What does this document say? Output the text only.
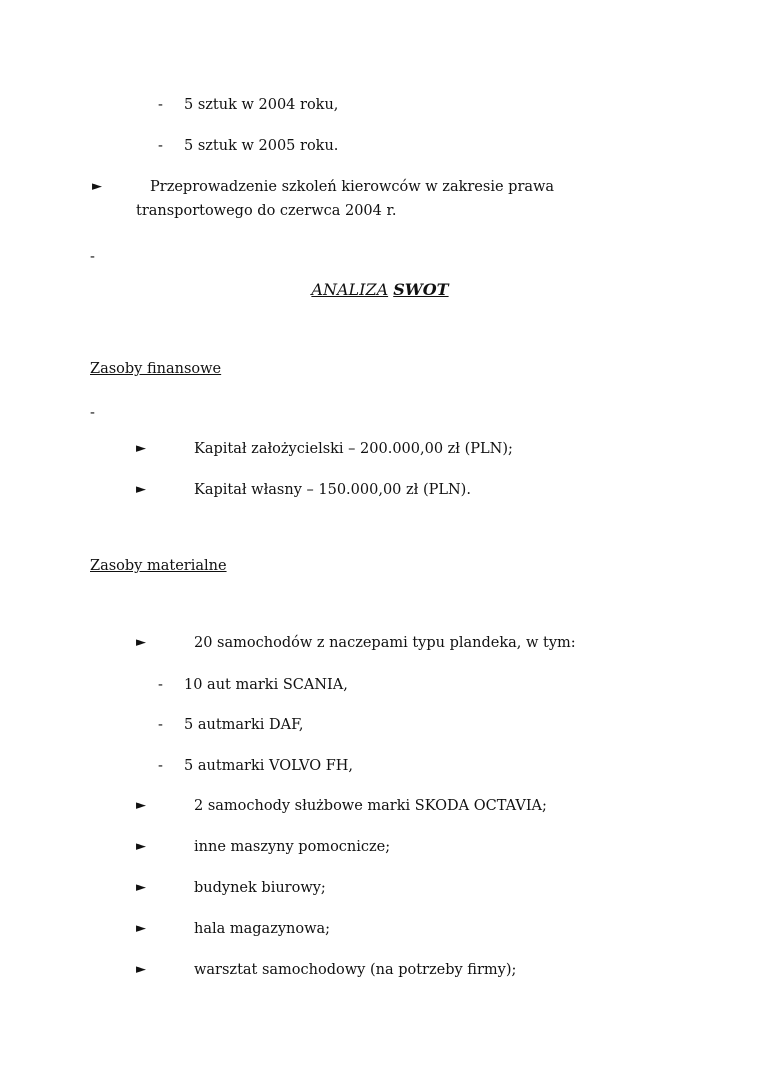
- 5 sztuk w 2004 roku,
- 5 sztuk w 2005 roku.
►	Przeprowadzenie szkoleń kierowców w zakresie prawa
transportowego do czerwca 2004 r.
-
ANALIZA SWOT
Zasoby finansowe
-
►	Kapitał założycielski – 200.000,00 zł (PLN);
►	Kapitał własny – 150.000,00 zł (PLN).
Zasoby materialne
►	20 samochodów z naczepami typu plandeka, w tym:
- 10 aut marki SCANIA,
- 5 autmarki DAF,
- 5 autmarki VOLVO FH,
►	2 samochody służbowe marki SKODA OCTAVIA;
►	inne maszyny pomocnicze;
►	budynek biurowy;
►	hala magazynowa;
►	warsztat samochodowy (na potrzeby firmy);
